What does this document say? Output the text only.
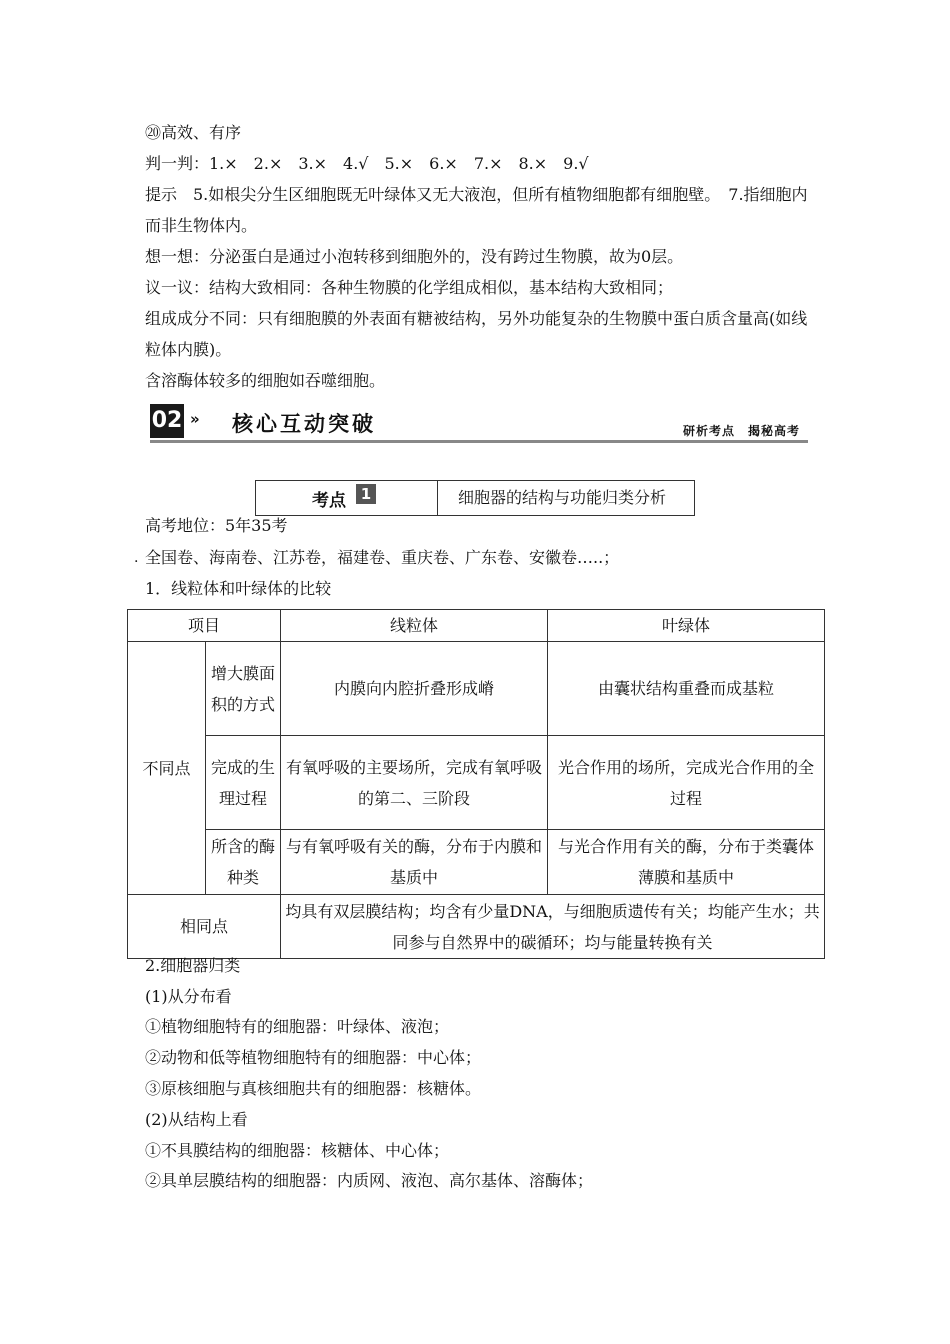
⑳高效、有序
判一判：1.×　2.×　3.×　4.√　5.×　6.×　7.×　8.×　9.√
提示　5.如根尖分生区细胞既无叶绿体又无大液泡，但所有植物细胞都有细胞壁。　7.指细胞内而非生物体内。
想一想：分泌蛋白是通过小泡转移到细胞外的，没有跨过生物膜，故为0层。
议一议：结构大致相同：各种生物膜的化学组成相似，基本结构大致相同；
组成成分不同：只有细胞膜的外表面有糖被结构，另外功能复杂的生物膜中蛋白质含量高(如线粒体内膜)。
含溶酶体较多的细胞如吞噬细胞。
02 » 核心互动突破	研析考点　揭秘高考
考点 1	细胞器的结构与功能归类分析
高考地位：5年35考
. 全国卷、海南卷、江苏卷，福建卷、重庆卷、广东卷、安徽卷…..；
1．线粒体和叶绿体的比较
项目		线粒体	叶绿体
不同点	增大膜面积的方式	内膜向内腔折叠形成嵴	由囊状结构重叠而成基粒
	完成的生理过程	有氧呼吸的主要场所，完成有氧呼吸的第二、三阶段	光合作用的场所，完成光合作用的全过程
	所含的酶种类	与有氧呼吸有关的酶，分布于内膜和基质中	与光合作用有关的酶，分布于类囊体薄膜和基质中
相同点		均具有双层膜结构；均含有少量DNA，与细胞质遗传有关；均能产生水；共同参与自然界中的碳循环；均与能量转换有关	
2.细胞器归类
(1)从分布看
①植物细胞特有的细胞器：叶绿体、液泡；
②动物和低等植物细胞特有的细胞器：中心体；
③原核细胞与真核细胞共有的细胞器：核糖体。
(2)从结构上看
①不具膜结构的细胞器：核糖体、中心体；
②具单层膜结构的细胞器：内质网、液泡、高尔基体、溶酶体；
